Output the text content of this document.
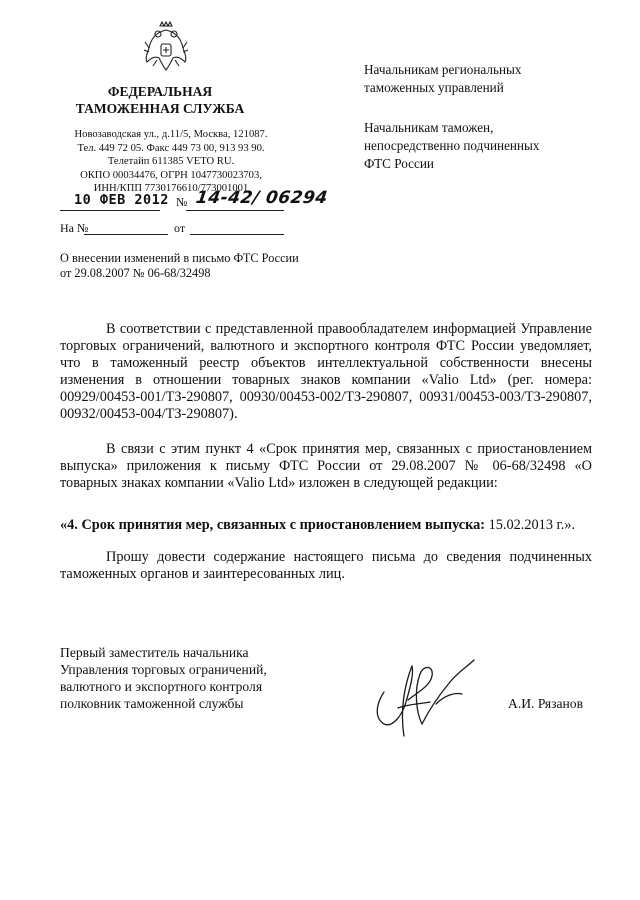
ФЕДЕРАЛЬНАЯ
ТАМОЖЕННАЯ СЛУЖБА
Новозаводская ул., д.11/5, Москва, 121087.
Тел. 449 72 05. Факс 449 73 00, 913 93 90.
Телетайп 611385 VETO RU.
ОКПО 00034476, ОГРН 1047730023703,
ИНН/КПП 7730176610/773001001
10 ФЕВ 2012 № 14-42/ 06294
На №	от
О внесении изменений в письмо ФТС России от 29.08.2007 № 06-68/32498
Начальникам региональных
таможенных управлений
Начальникам таможен,
непосредственно подчиненных
ФТС России
В соответствии с представленной правообладателем информацией Управление торговых ограничений, валютного и экспортного контроля ФТС России уведомляет, что в таможенный реестр объектов интеллектуальной собственности внесены изменения в отношении товарных знаков компании «Valio Ltd» (рег. номера: 00929/00453-001/ТЗ-290807, 00930/00453-002/ТЗ-290807, 00931/00453-003/ТЗ-290807, 00932/00453-004/ТЗ-290807).
В связи с этим пункт 4 «Срок принятия мер, связанных с приостановлением выпуска» приложения к письму ФТС России от 29.08.2007 № 06-68/32498 «О товарных знаках компании «Valio Ltd» изложен в следующей редакции:
«4. Срок принятия мер, связанных с приостановлением выпуска: 15.02.2013 г.».
Прошу довести содержание настоящего письма до сведения подчиненных таможенных органов и заинтересованных лиц.
Первый заместитель начальника
Управления торговых ограничений,
валютного и экспортного контроля
полковник таможенной службы	А.И. Рязанов
